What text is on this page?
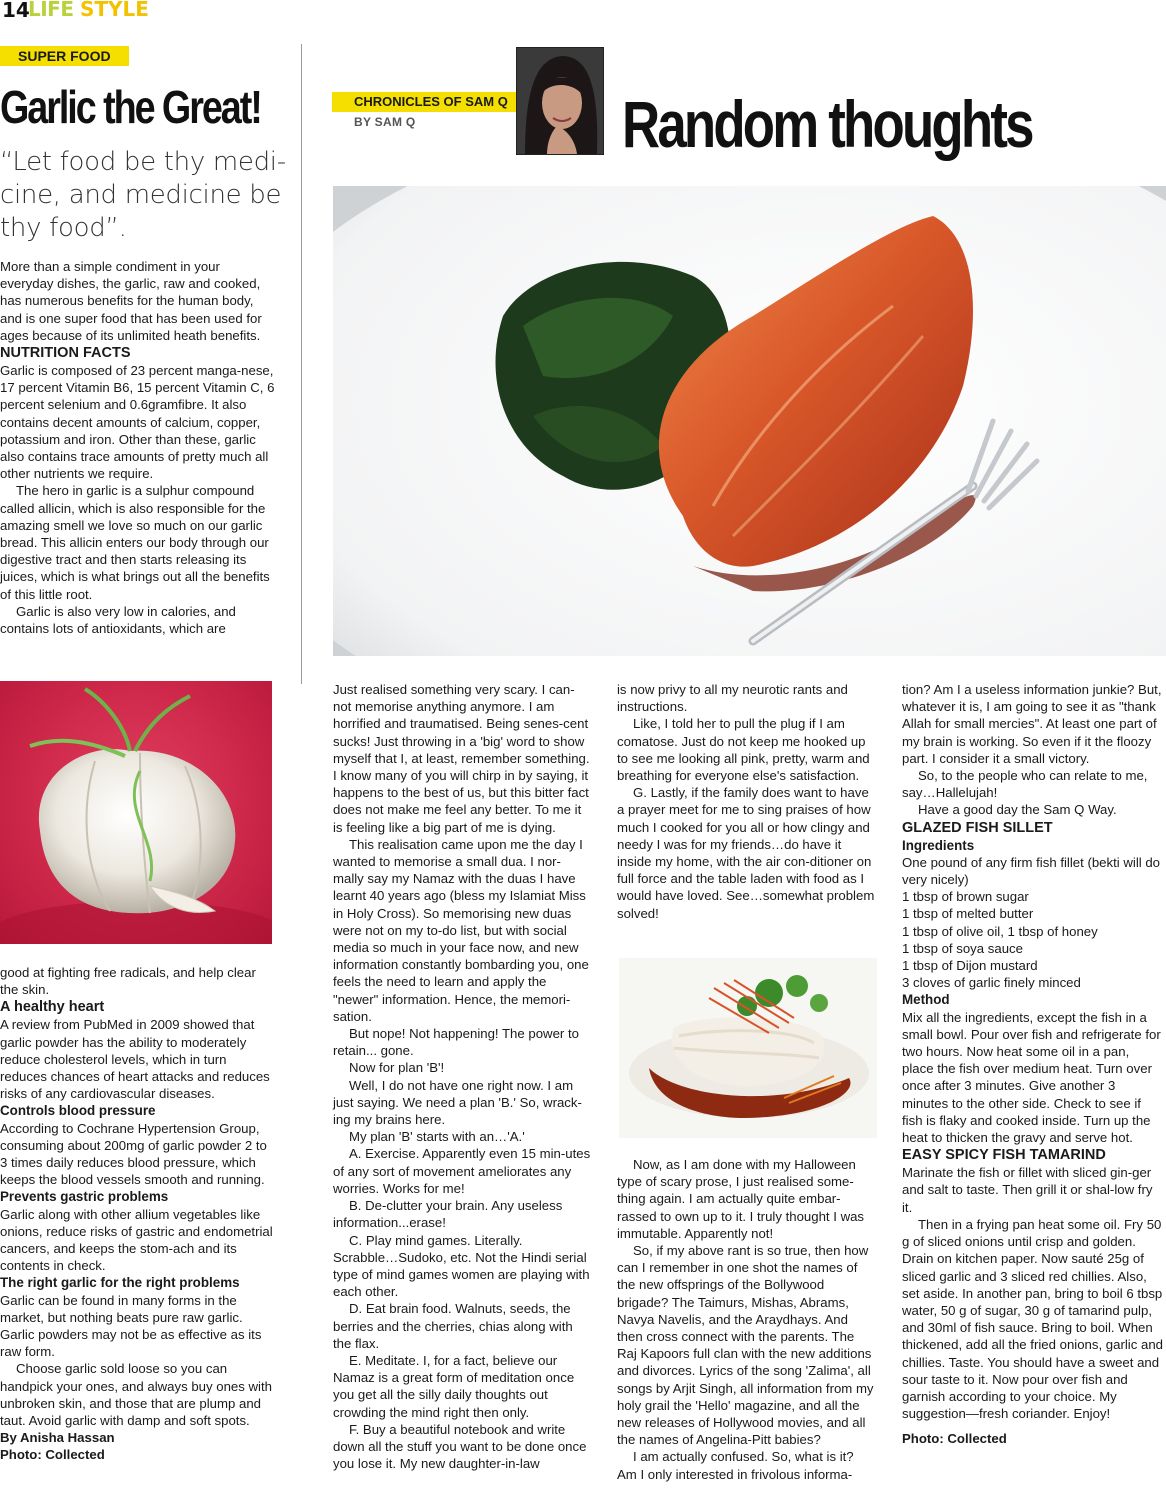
14
LIFE STYLE
SUPER FOOD
Garlic the Great!
“Let food be thy medi-cine, and medicine be thy food”.

More than a simple condiment in your everyday dishes, the garlic, raw and cooked, has numerous benefits for the human body, and is one super food that has been used for ages because of its unlimited heath benefits.

NUTRITION FACTS

Garlic is composed of 23 percent manga-nese, 17 percent Vitamin B6, 15 percent Vitamin C, 6 percent selenium and 0.6gramfibre. It also contains decent amounts of calcium, copper, potassium and iron. Other than these, garlic also contains trace amounts of pretty much all other nutrients we require.

The hero in garlic is a sulphur compound called allicin, which is also responsible for the amazing smell we love so much on our garlic bread. This allicin enters our body through our digestive tract and then starts releasing its juices, which is what brings out all the benefits of this little root.

Garlic is also very low in calories, and contains lots of antioxidants, which are

good at fighting free radicals, and help clear the skin.

A healthy heart

A review from PubMed in 2009 showed that garlic powder has the ability to moderately reduce cholesterol levels, which in turn reduces chances of heart attacks and reduces risks of any cardiovascular diseases.

Controls blood pressure

According to Cochrane Hypertension Group, consuming about 200mg of garlic powder 2 to 3 times daily reduces blood pressure, which keeps the blood vessels smooth and running.

Prevents gastric problems

Garlic along with other allium vegetables like onions, reduce risks of gastric and endometrial cancers, and keeps the stom-ach and its contents in check.

The right garlic for the right problems

Garlic can be found in many forms in the market, but nothing beats pure raw garlic. Garlic powders may not be as effective as its raw form.

Choose garlic sold loose so you can handpick your ones, and always buy ones with unbroken skin, and those that are plump and taut. Avoid garlic with damp and soft spots.

By Anisha Hassan

Photo: Collected

CHRONICLES OF SAM Q
BY SAM Q	Random thoughts

Just realised something very scary. I can-not memorise anything anymore. I am horrified and traumatised. Being senes-cent sucks! Just throwing in a 'big' word to show myself that I, at least, remember something. I know many of you will chirp in by saying, it happens to the best of us, but this bitter fact does not make me feel any better. To me it is feeling like a big part of me is dying.

This realisation came upon me the day I wanted to memorise a small dua. I nor-mally say my Namaz with the duas I have learnt 40 years ago (bless my Islamiat Miss in Holy Cross). So memorising new duas were not on my to-do list, but with social media so much in your face now, and new information constantly bombarding you, one feels the need to learn and apply the "newer" information. Hence, the memori-sation.

But nope! Not happening! The power to retain... gone.

Now for plan 'B'!

Well, I do not have one right now. I am just saying. We need a plan 'B.' So, wrack-ing my brains here.

My plan 'B' starts with an…'A.'

A. Exercise. Apparently even 15 min-utes of any sort of movement ameliorates any worries. Works for me!

B. De-clutter your brain. Any useless information...erase!

C. Play mind games. Literally. Scrabble…Sudoko, etc. Not the Hindi serial type of mind games women are playing with each other.

D. Eat brain food. Walnuts, seeds, the berries and the cherries, chias along with the flax.

E. Meditate. I, for a fact, believe our Namaz is a great form of meditation once you get all the silly daily thoughts out crowding the mind right then only.

F. Buy a beautiful notebook and write down all the stuff you want to be done once you lose it. My new daughter-in-law

is now privy to all my neurotic rants and instructions.

Like, I told her to pull the plug if I am comatose. Just do not keep me hooked up to see me looking all pink, pretty, warm and breathing for everyone else's satisfaction.

G. Lastly, if the family does want to have a prayer meet for me to sing praises of how much I cooked for you all or how clingy and needy I was for my friends…do have it inside my home, with the air con-ditioner on full force and the table laden with food as I would have loved. See…somewhat problem solved!

Now, as I am done with my Halloween type of scary prose, I just realised some-thing again. I am actually quite embar-rassed to own up to it. I truly thought I was immutable. Apparently not!

So, if my above rant is so true, then how can I remember in one shot the names of the new offsprings of the Bollywood brigade? The Taimurs, Mishas, Abrams, Navya Navelis, and the Araydhays. And then cross connect with the parents. The Raj Kapoors full clan with the new additions and divorces. Lyrics of the song 'Zalima', all songs by Arjit Singh, all information from my holy grail the 'Hello' magazine, and all the new releases of Hollywood movies, and all the names of Angelina-Pitt babies?

I am actually confused. So, what is it? Am I only interested in frivolous informa-

tion? Am I a useless information junkie? But, whatever it is, I am going to see it as "thank Allah for small mercies". At least one part of my brain is working. So even if it the floozy part. I consider it a small victory.

So, to the people who can relate to me, say…Hallelujah!

Have a good day the Sam Q Way.

GLAZED FISH SILLET
Ingredients

One pound of any firm fish fillet (bekti will do very nicely)

1 tbsp of brown sugar

1 tbsp of melted butter

1 tbsp of olive oil, 1 tbsp of honey

1 tbsp of soya sauce

1 tbsp of Dijon mustard

3 cloves of garlic finely minced

Method

Mix all the ingredients, except the fish in a small bowl. Pour over fish and refrigerate for two hours. Now heat some oil in a pan, place the fish over medium heat. Turn over once after 3 minutes. Give another 3 minutes to the other side. Check to see if fish is flaky and cooked inside. Turn up the heat to thicken the gravy and serve hot.

EASY SPICY FISH TAMARIND

Marinate the fish or fillet with sliced gin-ger and salt to taste. Then grill it or shal-low fry it.

Then in a frying pan heat some oil. Fry 50 g of sliced onions until crisp and golden. Drain on kitchen paper. Now sauté 25g of sliced garlic and 3 sliced red chillies. Also, set aside. In another pan, bring to boil 6 tbsp water, 50 g of sugar, 30 g of tamarind pulp, and 30ml of fish sauce. Bring to boil. When thickened, add all the fried onions, garlic and chillies. Taste. You should have a sweet and sour taste to it. Now pour over fish and garnish according to your choice. My suggestion—fresh coriander. Enjoy!

Photo: Collected
